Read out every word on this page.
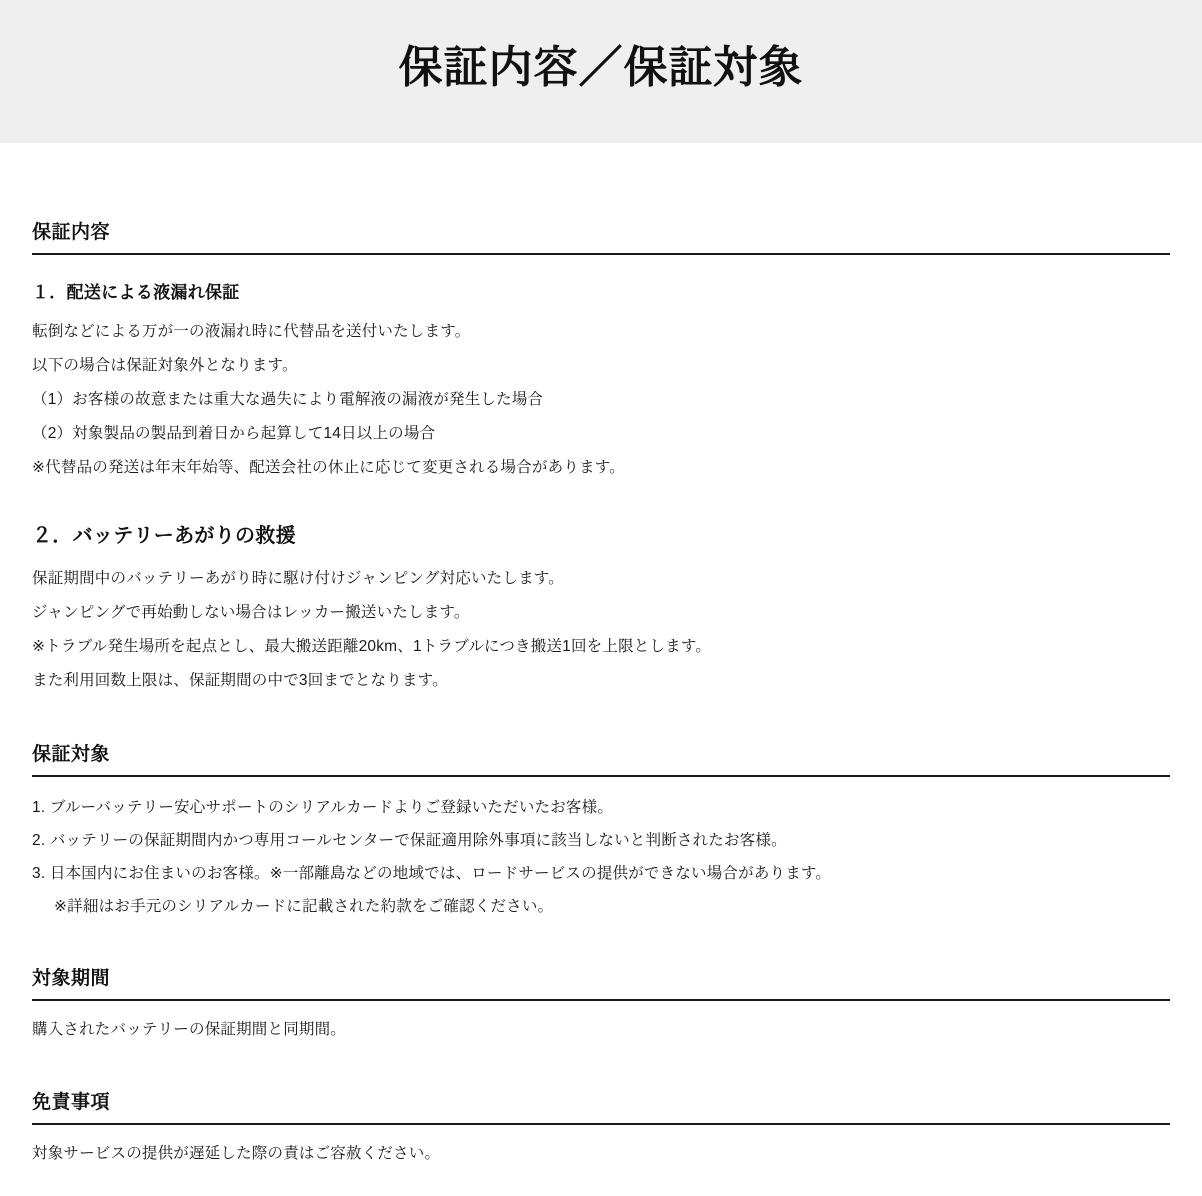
保証内容／保証対象
保証内容
１．配送による液漏れ保証

転倒などによる万が一の液漏れ時に代替品を送付いたします。

以下の場合は保証対象外となります。

（1）お客様の故意または重大な過失により電解液の漏液が発生した場合

（2）対象製品の製品到着日から起算して14日以上の場合

※代替品の発送は年末年始等、配送会社の休止に応じて変更される場合があります。

２．バッテリーあがりの救援

保証期間中のバッテリーあがり時に駆け付けジャンピング対応いたします。

ジャンピングで再始動しない場合はレッカー搬送いたします。

※トラブル発生場所を起点とし、最大搬送距離20km、1トラブルにつき搬送1回を上限とします。

また利用回数上限は、保証期間の中で3回までとなります。

保証対象

1. ブルーバッテリー安心サポートのシリアルカードよりご登録いただいたお客様。

2. バッテリーの保証期間内かつ専用コールセンターで保証適用除外事項に該当しないと判断されたお客様。

3. 日本国内にお住まいのお客様。※一部離島などの地域では、ロードサービスの提供ができない場合があります。

※詳細はお手元のシリアルカードに記載された約款をご確認ください。

対象期間

購入されたバッテリーの保証期間と同期間。

免責事項

対象サービスの提供が遅延した際の責はご容赦ください。
